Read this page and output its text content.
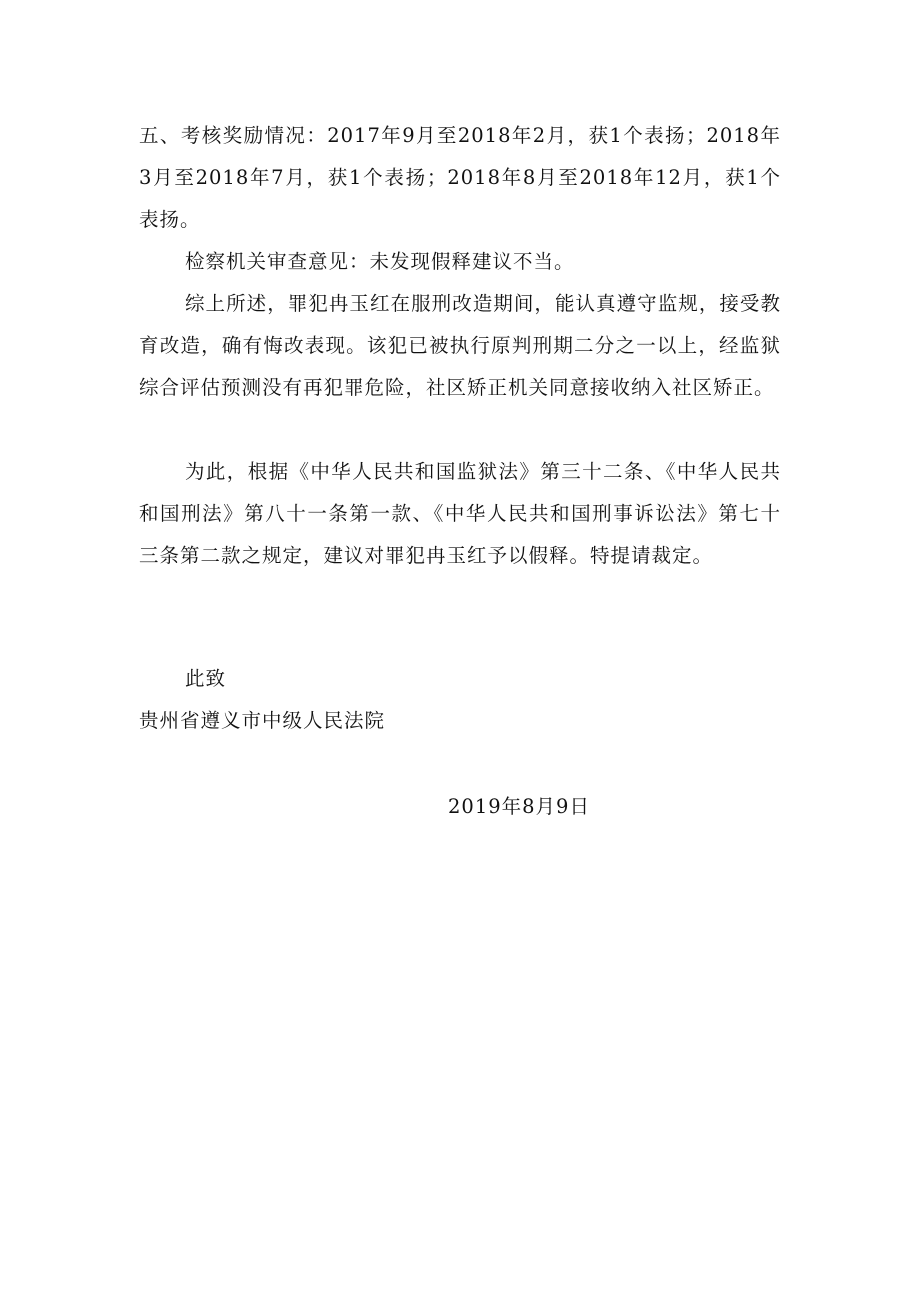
五、考核奖励情况：2017年9月至2018年2月，获1个表扬；2018年3月至2018年7月，获1个表扬；2018年8月至2018年12月，获1个表扬。

检察机关审查意见：未发现假释建议不当。

综上所述，罪犯冉玉红在服刑改造期间，能认真遵守监规，接受教育改造，确有悔改表现。该犯已被执行原判刑期二分之一以上，经监狱综合评估预测没有再犯罪危险，社区矫正机关同意接收纳入社区矫正。

为此，根据《中华人民共和国监狱法》第三十二条、《中华人民共和国刑法》第八十一条第一款、《中华人民共和国刑事诉讼法》第七十三条第二款之规定，建议对罪犯冉玉红予以假释。特提请裁定。

此致

贵州省遵义市中级人民法院

2019年8月9日
